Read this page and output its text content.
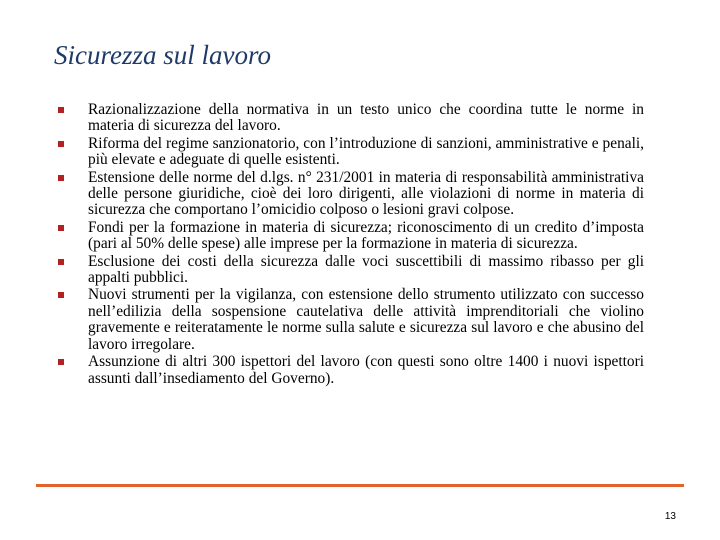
Sicurezza sul lavoro
Razionalizzazione della normativa in un testo unico che coordina tutte le norme in materia di sicurezza del lavoro.
Riforma del regime sanzionatorio, con l’introduzione di sanzioni, amministrative e penali, più elevate e adeguate di quelle esistenti.
Estensione delle norme del d.lgs. n° 231/2001 in materia di responsabilità amministrativa delle persone giuridiche, cioè dei loro dirigenti, alle violazioni di norme in materia di sicurezza che comportano l’omicidio colposo o lesioni gravi colpose.
Fondi per la formazione in materia di sicurezza; riconoscimento di un credito d’imposta (pari al 50% delle spese) alle imprese per la formazione in materia di sicurezza.
Esclusione dei costi della sicurezza dalle voci suscettibili di massimo ribasso per gli appalti pubblici.
Nuovi strumenti per la vigilanza, con estensione dello strumento utilizzato con successo nell’edilizia della sospensione cautelativa delle attività imprenditoriali che violino gravemente e reiteratamente le norme sulla salute e sicurezza sul lavoro e che abusino del lavoro irregolare.
Assunzione di altri 300 ispettori del lavoro (con questi sono oltre 1400 i nuovi ispettori assunti dall’insediamento del Governo).
13
